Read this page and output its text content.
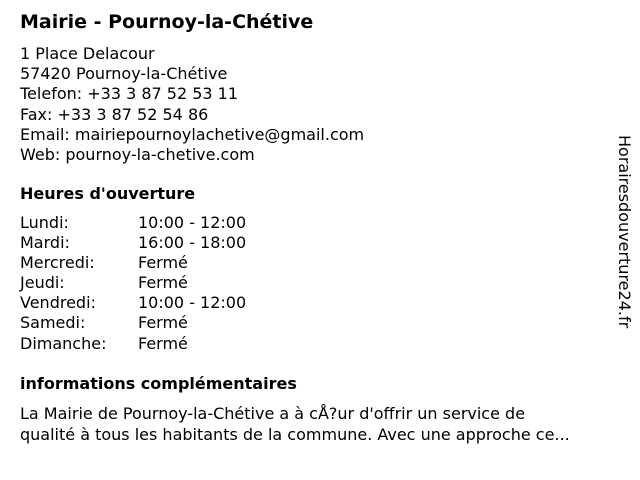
Mairie - Pournoy-la-Chétive
1 Place Delacour
57420 Pournoy-la-Chétive
Telefon: +33 3 87 52 53 11
Fax: +33 3 87 52 54 86
Email: mairiepournoylachetive@gmail.com
Web: pournoy-la-chetive.com
Heures d'ouverture
Lundi:	10:00 - 12:00
Mardi:	16:00 - 18:00
Mercredi:	Fermé
Jeudi:	Fermé
Vendredi:	10:00 - 12:00
Samedi:	Fermé
Dimanche:	Fermé
informations complémentaires
La Mairie de Pournoy-la-Chétive a à cÅ?ur d'offrir un service de
qualité à tous les habitants de la commune. Avec une approche ce...
Horairesdouverture24.fr
